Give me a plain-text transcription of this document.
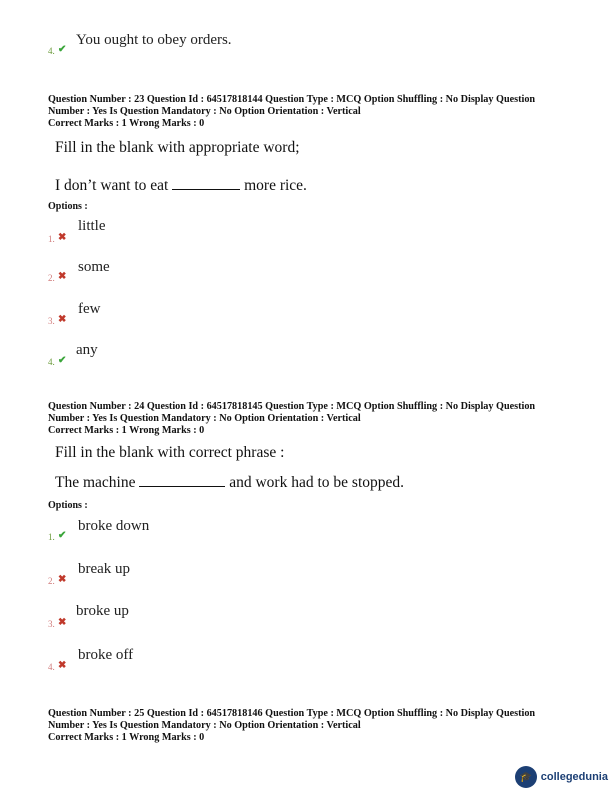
4. ✔
You ought to obey orders.
Question Number : 23 Question Id : 64517818144 Question Type : MCQ Option Shuffling : No Display Question
Number : Yes Is Question Mandatory : No Option Orientation : Vertical
Correct Marks : 1 Wrong Marks : 0
Fill in the blank with appropriate word;
I don’t want to eat	more rice.
Options :
1. ✖
little
2. ✖
some
3. ✖
few
4. ✔
any
Question Number : 24 Question Id : 64517818145 Question Type : MCQ Option Shuffling : No Display Question
Number : Yes Is Question Mandatory : No Option Orientation : Vertical
Correct Marks : 1 Wrong Marks : 0
Fill in the blank with correct phrase :
The machine	and work had to be stopped.
Options :
1. ✔
broke down
2. ✖
break up
3. ✖
broke up
4. ✖
broke off
Question Number : 25 Question Id : 64517818146 Question Type : MCQ Option Shuffling : No Display Question
Number : Yes Is Question Mandatory : No Option Orientation : Vertical
Correct Marks : 1 Wrong Marks : 0
🎓 collegedunia
